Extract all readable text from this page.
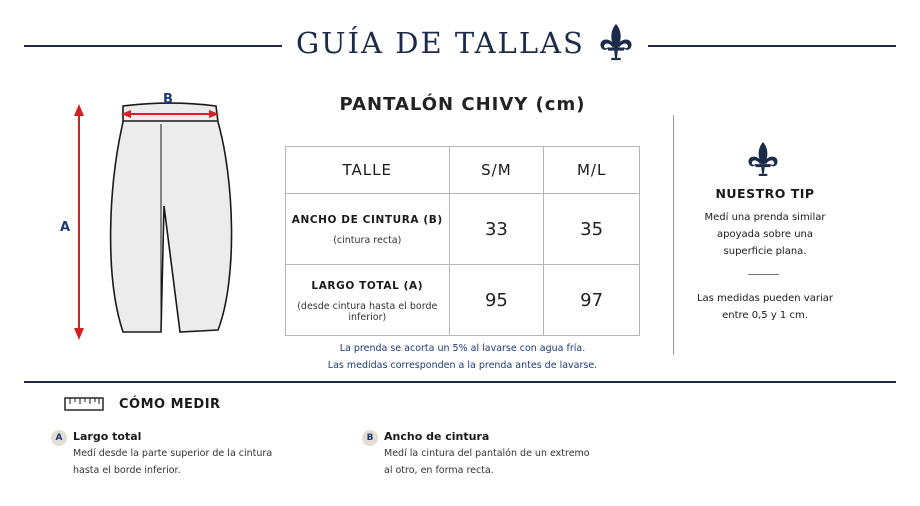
GUÍA DE TALLAS
B
A
PANTALÓN CHIVY (cm)
TALLE	S/M	M/L

ANCHO DE CINTURA (B)
(cintura recta)	33	35

LARGO TOTAL (A)
(desde cintura hasta el borde inferior)	95	97
La prenda se acorta un 5% al lavarse con agua fría.
Las medidas corresponden a la prenda antes de lavarse.
NUESTRO TIP
Medí una prenda similar apoyada sobre una superficie plana.
Las medidas pueden variar entre 0,5 y 1 cm.
CÓMO MEDIR
A Largo total
Medí desde la parte superior de la cintura
hasta el borde inferior.
B Ancho de cintura
Medí la cintura del pantalón de un extremo
al otro, en forma recta.
